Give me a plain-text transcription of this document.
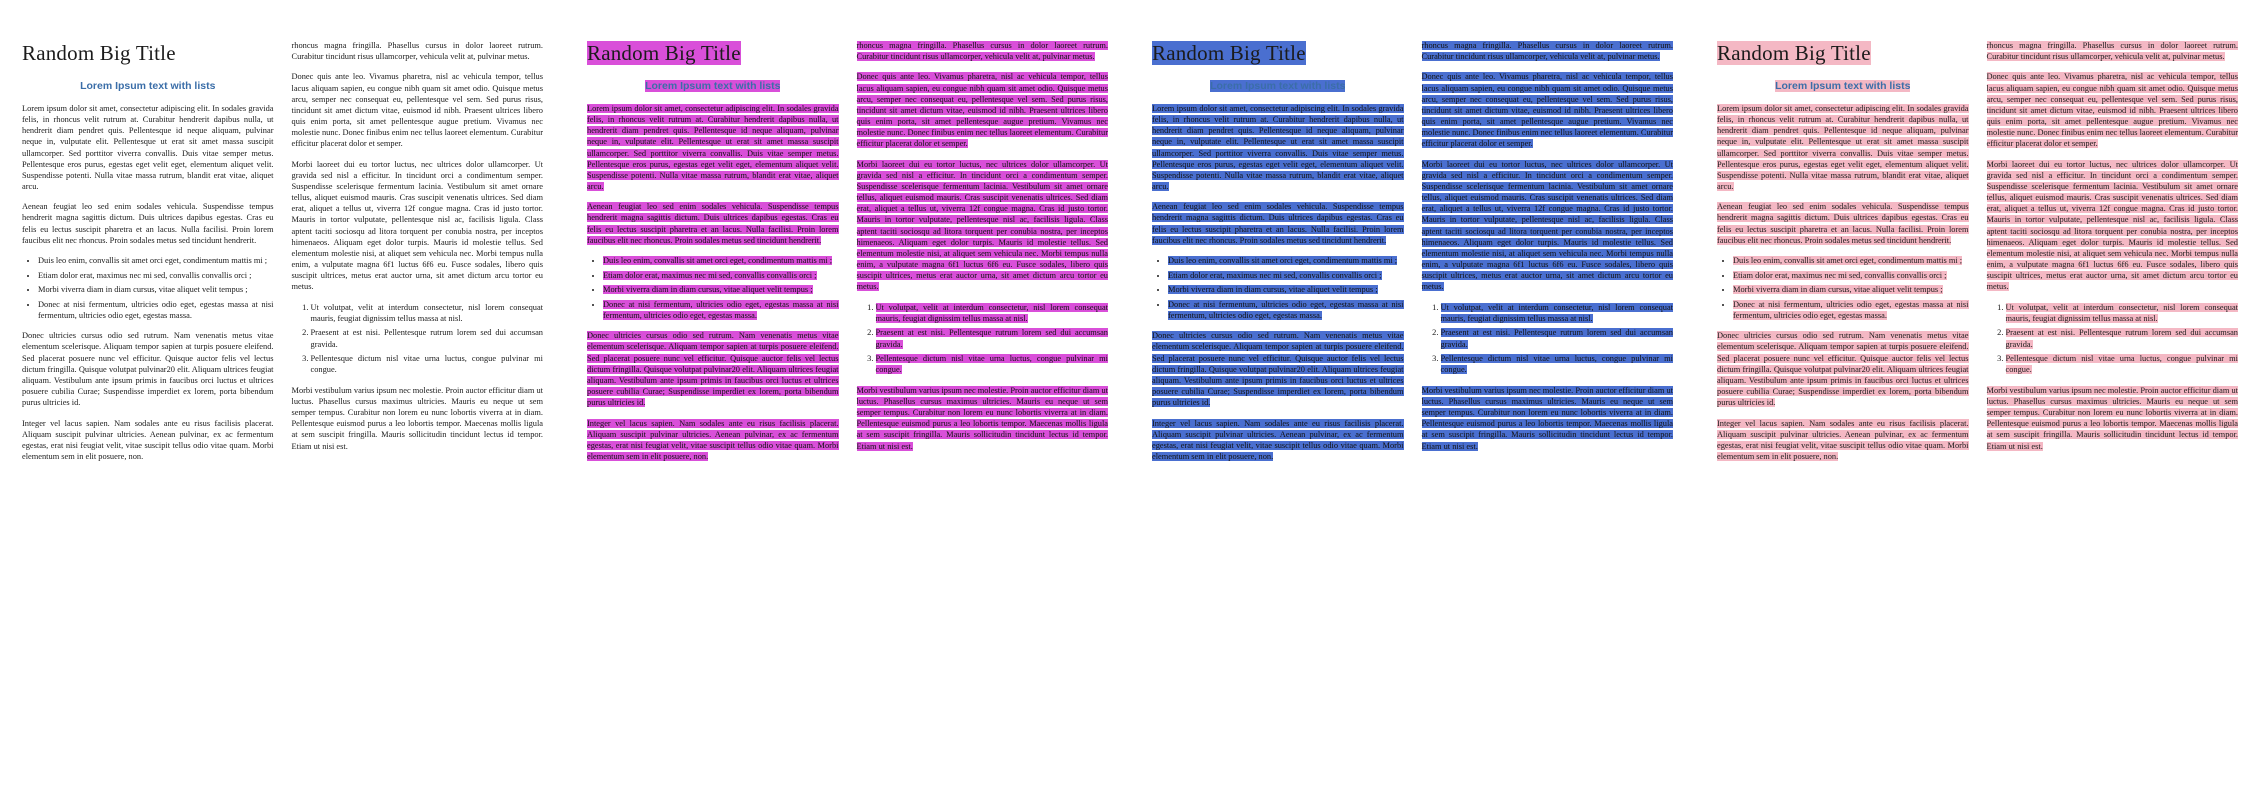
Random Big Title
Lorem Ipsum text with lists

Lorem ipsum dolor sit amet, consectetur adipiscing elit. In sodales gravida felis, in rhoncus velit rutrum at. Curabitur hendrerit dapibus nulla, ut hendrerit diam pendret quis. Pellentesque id neque aliquam, pulvinar neque in, vulputate elit. Pellentesque ut erat sit amet massa suscipit ullamcorper. Sed porttitor viverra convallis. Duis vitae semper metus. Pellentesque eros purus, egestas eget velit eget, elementum aliquet velit. Suspendisse potenti. Nulla vitae massa rutrum, blandit erat vitae, aliquet arcu.

Aenean feugiat leo sed enim sodales vehicula. Suspendisse tempus hendrerit magna sagittis dictum. Duis ultrices dapibus egestas. Cras eu felis eu lectus suscipit pharetra et an lacus. Nulla facilisi. Proin lorem faucibus elit nec rhoncus. Proin sodales metus sed tincidunt hendrerit.

• Duis leo enim, convallis sit amet orci eget, condimentum mattis mi ;
• Etiam dolor erat, maximus nec mi sed, convallis convallis orci ;
• Morbi viverra diam in diam cursus, vitae aliquet velit tempus ;
• Donec at nisi fermentum, ultricies odio eget, egestas massa at nisi fermentum, ultricies odio eget, egestas massa.

Donec ultricies cursus odio sed rutrum. Nam venenatis metus vitae elementum scelerisque. Aliquam tempor sapien at turpis posuere eleifend. Sed placerat posuere nunc vel efficitur. Quisque auctor felis vel lectus dictum fringilla. Quisque volutpat pulvinar20 elit. Aliquam ultrices feugiat aliquam. Vestibulum ante ipsum primis in faucibus orci luctus et ultrices posuere cubilia Curae; Suspendisse imperdiet ex lorem, porta bibendum purus ultricies id.

Integer vel lacus sapien. Nam sodales ante eu risus facilisis placerat. Aliquam suscipit pulvinar ultricies. Aenean pulvinar, ex ac fermentum egestas, erat nisi feugiat velit, vitae suscipit tellus odio vitae quam. Morbi elementum sem in elit posuere, non.

rhoncus magna fringilla. Phasellus cursus in dolor laoreet rutrum. Curabitur tincidunt risus ullamcorper, vehicula velit at, pulvinar metus.

Donec quis ante leo. Vivamus pharetra, nisl ac vehicula tempor, tellus lacus aliquam sapien, eu congue nibh quam sit amet odio. Quisque metus arcu, semper nec consequat eu, pellentesque vel sem. Sed purus risus, tincidunt sit amet dictum vitae, euismod id nibh. Praesent ultrices libero quis enim porta, sit amet pellentesque augue pretium. Vivamus nec molestie nunc. Donec finibus enim nec tellus laoreet elementum. Curabitur efficitur placerat dolor et semper.

Morbi laoreet dui eu tortor luctus, nec ultrices dolor ullamcorper. Ut gravida sed nisl a efficitur. In tincidunt orci a condimentum semper. Suspendisse scelerisque fermentum lacinia. Vestibulum sit amet ornare tellus, aliquet euismod mauris. Cras suscipit venenatis ultrices. Sed diam erat, aliquet a tellus ut, viverra 12f congue magna. Cras id justo tortor. Mauris in tortor vulputate, pellentesque nisl ac, facilisis ligula. Class aptent taciti sociosqu ad litora torquent per conubia nostra, per inceptos himenaeos. Aliquam eget dolor turpis. Mauris id molestie tellus. Sed elementum molestie nisi, at aliquet sem vehicula nec. Morbi tempus nulla enim, a vulputate magna 6f1 luctus 6f6 eu. Fusce sodales, libero quis suscipit ultrices, metus erat auctor urna, sit amet dictum arcu tortor eu metus.

1. Ut volutpat, velit at interdum consectetur, nisl lorem consequat mauris, feugiat dignissim tellus massa at nisl.
2. Praesent at est nisi. Pellentesque rutrum lorem sed dui accumsan gravida.
3. Pellentesque dictum nisl vitae urna luctus, congue pulvinar mi congue.

Morbi vestibulum varius ipsum nec molestie. Proin auctor efficitur diam ut luctus. Phasellus cursus maximus ultricies. Mauris eu neque ut sem semper tempus. Curabitur non lorem eu nunc lobortis viverra at in diam. Pellentesque euismod purus a leo lobortis tempor. Maecenas mollis ligula at sem suscipit fringilla. Mauris sollicitudin tincidunt lectus id tempor. Etiam ut nisi est.

Random Big Title
Lorem Ipsum text with lists

Lorem ipsum dolor sit amet, consectetur adipiscing elit. In sodales gravida felis, in rhoncus velit rutrum at. Curabitur hendrerit dapibus nulla, ut hendrerit diam pendret quis. Pellentesque id neque aliquam, pulvinar neque in, vulputate elit. Pellentesque ut erat sit amet massa suscipit ullamcorper. Sed porttitor viverra convallis. Duis vitae semper metus. Pellentesque eros purus, egestas eget velit eget, elementum aliquet velit. Suspendisse potenti. Nulla vitae massa rutrum, blandit erat vitae, aliquet arcu.

Aenean feugiat leo sed enim sodales vehicula. Suspendisse tempus hendrerit magna sagittis dictum. Duis ultrices dapibus egestas. Cras eu felis eu lectus suscipit pharetra et an lacus. Nulla facilisi. Proin lorem faucibus elit nec rhoncus. Proin sodales metus sed tincidunt hendrerit.

• Duis leo enim, convallis sit amet orci eget, condimentum mattis mi ;
• Etiam dolor erat, maximus nec mi sed, convallis convallis orci ;
• Morbi viverra diam in diam cursus, vitae aliquet velit tempus ;
• Donec at nisi fermentum, ultricies odio eget, egestas massa at nisi fermentum, ultricies odio eget, egestas massa.

Donec ultricies cursus odio sed rutrum. Nam venenatis metus vitae elementum scelerisque. Aliquam tempor sapien at turpis posuere eleifend. Sed placerat posuere nunc vel efficitur. Quisque auctor felis vel lectus dictum fringilla. Quisque volutpat pulvinar20 elit. Aliquam ultrices feugiat aliquam. Vestibulum ante ipsum primis in faucibus orci luctus et ultrices posuere cubilia Curae; Suspendisse imperdiet ex lorem, porta bibendum purus ultricies id.

Integer vel lacus sapien. Nam sodales ante eu risus facilisis placerat. Aliquam suscipit pulvinar ultricies. Aenean pulvinar, ex ac fermentum egestas, erat nisi feugiat velit, vitae suscipit tellus odio vitae quam. Morbi elementum sem in elit posuere, non.

rhoncus magna fringilla. Phasellus cursus in dolor laoreet rutrum. Curabitur tincidunt risus ullamcorper, vehicula velit at, pulvinar metus.

Donec quis ante leo. Vivamus pharetra, nisl ac vehicula tempor, tellus lacus aliquam sapien, eu congue nibh quam sit amet odio. Quisque metus arcu, semper nec consequat eu, pellentesque vel sem. Sed purus risus, tincidunt sit amet dictum vitae, euismod id nibh. Praesent ultrices libero quis enim porta, sit amet pellentesque augue pretium. Vivamus nec molestie nunc. Donec finibus enim nec tellus laoreet elementum. Curabitur efficitur placerat dolor et semper.

Morbi laoreet dui eu tortor luctus, nec ultrices dolor ullamcorper. Ut gravida sed nisl a efficitur. In tincidunt orci a condimentum semper. Suspendisse scelerisque fermentum lacinia. Vestibulum sit amet ornare tellus, aliquet euismod mauris. Cras suscipit venenatis ultrices. Sed diam erat, aliquet a tellus ut, viverra 12f congue magna. Cras id justo tortor. Mauris in tortor vulputate, pellentesque nisl ac, facilisis ligula. Class aptent taciti sociosqu ad litora torquent per conubia nostra, per inceptos himenaeos. Aliquam eget dolor turpis. Mauris id molestie tellus. Sed elementum molestie nisi, at aliquet sem vehicula nec. Morbi tempus nulla enim, a vulputate magna 6f1 luctus 6f6 eu. Fusce sodales, libero quis suscipit ultrices, metus erat auctor urna, sit amet dictum arcu tortor eu metus.

1. Ut volutpat, velit at interdum consectetur, nisl lorem consequat mauris, feugiat dignissim tellus massa at nisl.
2. Praesent at est nisi. Pellentesque rutrum lorem sed dui accumsan gravida.
3. Pellentesque dictum nisl vitae urna luctus, congue pulvinar mi congue.

Morbi vestibulum varius ipsum nec molestie. Proin auctor efficitur diam ut luctus. Phasellus cursus maximus ultricies. Mauris eu neque ut sem semper tempus. Curabitur non lorem eu nunc lobortis viverra at in diam. Pellentesque euismod purus a leo lobortis tempor. Maecenas mollis ligula at sem suscipit fringilla. Mauris sollicitudin tincidunt lectus id tempor. Etiam ut nisi est.

Random Big Title
Lorem Ipsum text with lists

Lorem ipsum dolor sit amet, consectetur adipiscing elit. In sodales gravida felis, in rhoncus velit rutrum at. Curabitur hendrerit dapibus nulla, ut hendrerit diam pendret quis. Pellentesque id neque aliquam, pulvinar neque in, vulputate elit. Pellentesque ut erat sit amet massa suscipit ullamcorper. Sed porttitor viverra convallis. Duis vitae semper metus. Pellentesque eros purus, egestas eget velit eget, elementum aliquet velit. Suspendisse potenti. Nulla vitae massa rutrum, blandit erat vitae, aliquet arcu.

Aenean feugiat leo sed enim sodales vehicula. Suspendisse tempus hendrerit magna sagittis dictum. Duis ultrices dapibus egestas. Cras eu felis eu lectus suscipit pharetra et an lacus. Nulla facilisi. Proin lorem faucibus elit nec rhoncus. Proin sodales metus sed tincidunt hendrerit.

• Duis leo enim, convallis sit amet orci eget, condimentum mattis mi ;
• Etiam dolor erat, maximus nec mi sed, convallis convallis orci ;
• Morbi viverra diam in diam cursus, vitae aliquet velit tempus ;
• Donec at nisi fermentum, ultricies odio eget, egestas massa at nisi fermentum, ultricies odio eget, egestas massa.

Donec ultricies cursus odio sed rutrum. Nam venenatis metus vitae elementum scelerisque. Aliquam tempor sapien at turpis posuere eleifend. Sed placerat posuere nunc vel efficitur. Quisque auctor felis vel lectus dictum fringilla. Quisque volutpat pulvinar20 elit. Aliquam ultrices feugiat aliquam. Vestibulum ante ipsum primis in faucibus orci luctus et ultrices posuere cubilia Curae; Suspendisse imperdiet ex lorem, porta bibendum purus ultricies id.

Integer vel lacus sapien. Nam sodales ante eu risus facilisis placerat. Aliquam suscipit pulvinar ultricies. Aenean pulvinar, ex ac fermentum egestas, erat nisi feugiat velit, vitae suscipit tellus odio vitae quam. Morbi elementum sem in elit posuere, non.

rhoncus magna fringilla. Phasellus cursus in dolor laoreet rutrum. Curabitur tincidunt risus ullamcorper, vehicula velit at, pulvinar metus.

Donec quis ante leo. Vivamus pharetra, nisl ac vehicula tempor, tellus lacus aliquam sapien, eu congue nibh quam sit amet odio. Quisque metus arcu, semper nec consequat eu, pellentesque vel sem. Sed purus risus, tincidunt sit amet dictum vitae, euismod id nibh. Praesent ultrices libero quis enim porta, sit amet pellentesque augue pretium. Vivamus nec molestie nunc. Donec finibus enim nec tellus laoreet elementum. Curabitur efficitur placerat dolor et semper.

Morbi laoreet dui eu tortor luctus, nec ultrices dolor ullamcorper. Ut gravida sed nisl a efficitur. In tincidunt orci a condimentum semper. Suspendisse scelerisque fermentum lacinia. Vestibulum sit amet ornare tellus, aliquet euismod mauris. Cras suscipit venenatis ultrices. Sed diam erat, aliquet a tellus ut, viverra 12f congue magna. Cras id justo tortor. Mauris in tortor vulputate, pellentesque nisl ac, facilisis ligula. Class aptent taciti sociosqu ad litora torquent per conubia nostra, per inceptos himenaeos. Aliquam eget dolor turpis. Mauris id molestie tellus. Sed elementum molestie nisi, at aliquet sem vehicula nec. Morbi tempus nulla enim, a vulputate magna 6f1 luctus 6f6 eu. Fusce sodales, libero quis suscipit ultrices, metus erat auctor urna, sit amet dictum arcu tortor eu metus.

1. Ut volutpat, velit at interdum consectetur, nisl lorem consequat mauris, feugiat dignissim tellus massa at nisl.
2. Praesent at est nisi. Pellentesque rutrum lorem sed dui accumsan gravida.
3. Pellentesque dictum nisl vitae urna luctus, congue pulvinar mi congue.

Morbi vestibulum varius ipsum nec molestie. Proin auctor efficitur diam ut luctus. Phasellus cursus maximus ultricies. Mauris eu neque ut sem semper tempus. Curabitur non lorem eu nunc lobortis viverra at in diam. Pellentesque euismod purus a leo lobortis tempor. Maecenas mollis ligula at sem suscipit fringilla. Mauris sollicitudin tincidunt lectus id tempor. Etiam ut nisi est.

Random Big Title
Lorem Ipsum text with lists

Lorem ipsum dolor sit amet, consectetur adipiscing elit. In sodales gravida felis, in rhoncus velit rutrum at. Curabitur hendrerit dapibus nulla, ut hendrerit diam pendret quis. Pellentesque id neque aliquam, pulvinar neque in, vulputate elit. Pellentesque ut erat sit amet massa suscipit ullamcorper. Sed porttitor viverra convallis. Duis vitae semper metus. Pellentesque eros purus, egestas eget velit eget, elementum aliquet velit. Suspendisse potenti. Nulla vitae massa rutrum, blandit erat vitae, aliquet arcu.

Aenean feugiat leo sed enim sodales vehicula. Suspendisse tempus hendrerit magna sagittis dictum. Duis ultrices dapibus egestas. Cras eu felis eu lectus suscipit pharetra et an lacus. Nulla facilisi. Proin lorem faucibus elit nec rhoncus. Proin sodales metus sed tincidunt hendrerit.

• Duis leo enim, convallis sit amet orci eget, condimentum mattis mi ;
• Etiam dolor erat, maximus nec mi sed, convallis convallis orci ;
• Morbi viverra diam in diam cursus, vitae aliquet velit tempus ;
• Donec at nisi fermentum, ultricies odio eget, egestas massa at nisi fermentum, ultricies odio eget, egestas massa.

Donec ultricies cursus odio sed rutrum. Nam venenatis metus vitae elementum scelerisque. Aliquam tempor sapien at turpis posuere eleifend. Sed placerat posuere nunc vel efficitur. Quisque auctor felis vel lectus dictum fringilla. Quisque volutpat pulvinar20 elit. Aliquam ultrices feugiat aliquam. Vestibulum ante ipsum primis in faucibus orci luctus et ultrices posuere cubilia Curae; Suspendisse imperdiet ex lorem, porta bibendum purus ultricies id.

Integer vel lacus sapien. Nam sodales ante eu risus facilisis placerat. Aliquam suscipit pulvinar ultricies. Aenean pulvinar, ex ac fermentum egestas, erat nisi feugiat velit, vitae suscipit tellus odio vitae quam. Morbi elementum sem in elit posuere, non.

rhoncus magna fringilla. Phasellus cursus in dolor laoreet rutrum. Curabitur tincidunt risus ullamcorper, vehicula velit at, pulvinar metus.

Donec quis ante leo. Vivamus pharetra, nisl ac vehicula tempor, tellus lacus aliquam sapien, eu congue nibh quam sit amet odio. Quisque metus arcu, semper nec consequat eu, pellentesque vel sem. Sed purus risus, tincidunt sit amet dictum vitae, euismod id nibh. Praesent ultrices libero quis enim porta, sit amet pellentesque augue pretium. Vivamus nec molestie nunc. Donec finibus enim nec tellus laoreet elementum. Curabitur efficitur placerat dolor et semper.

Morbi laoreet dui eu tortor luctus, nec ultrices dolor ullamcorper. Ut gravida sed nisl a efficitur. In tincidunt orci a condimentum semper. Suspendisse scelerisque fermentum lacinia. Vestibulum sit amet ornare tellus, aliquet euismod mauris. Cras suscipit venenatis ultrices. Sed diam erat, aliquet a tellus ut, viverra 12f congue magna. Cras id justo tortor. Mauris in tortor vulputate, pellentesque nisl ac, facilisis ligula. Class aptent taciti sociosqu ad litora torquent per conubia nostra, per inceptos himenaeos. Aliquam eget dolor turpis. Mauris id molestie tellus. Sed elementum molestie nisi, at aliquet sem vehicula nec. Morbi tempus nulla enim, a vulputate magna 6f1 luctus 6f6 eu. Fusce sodales, libero quis suscipit ultrices, metus erat auctor urna, sit amet dictum arcu tortor eu metus.

1. Ut volutpat, velit at interdum consectetur, nisl lorem consequat mauris, feugiat dignissim tellus massa at nisl.
2. Praesent at est nisi. Pellentesque rutrum lorem sed dui accumsan gravida.
3. Pellentesque dictum nisl vitae urna luctus, congue pulvinar mi congue.

Morbi vestibulum varius ipsum nec molestie. Proin auctor efficitur diam ut luctus. Phasellus cursus maximus ultricies. Mauris eu neque ut sem semper tempus. Curabitur non lorem eu nunc lobortis viverra at in diam. Pellentesque euismod purus a leo lobortis tempor. Maecenas mollis ligula at sem suscipit fringilla. Mauris sollicitudin tincidunt lectus id tempor. Etiam ut nisi est.
